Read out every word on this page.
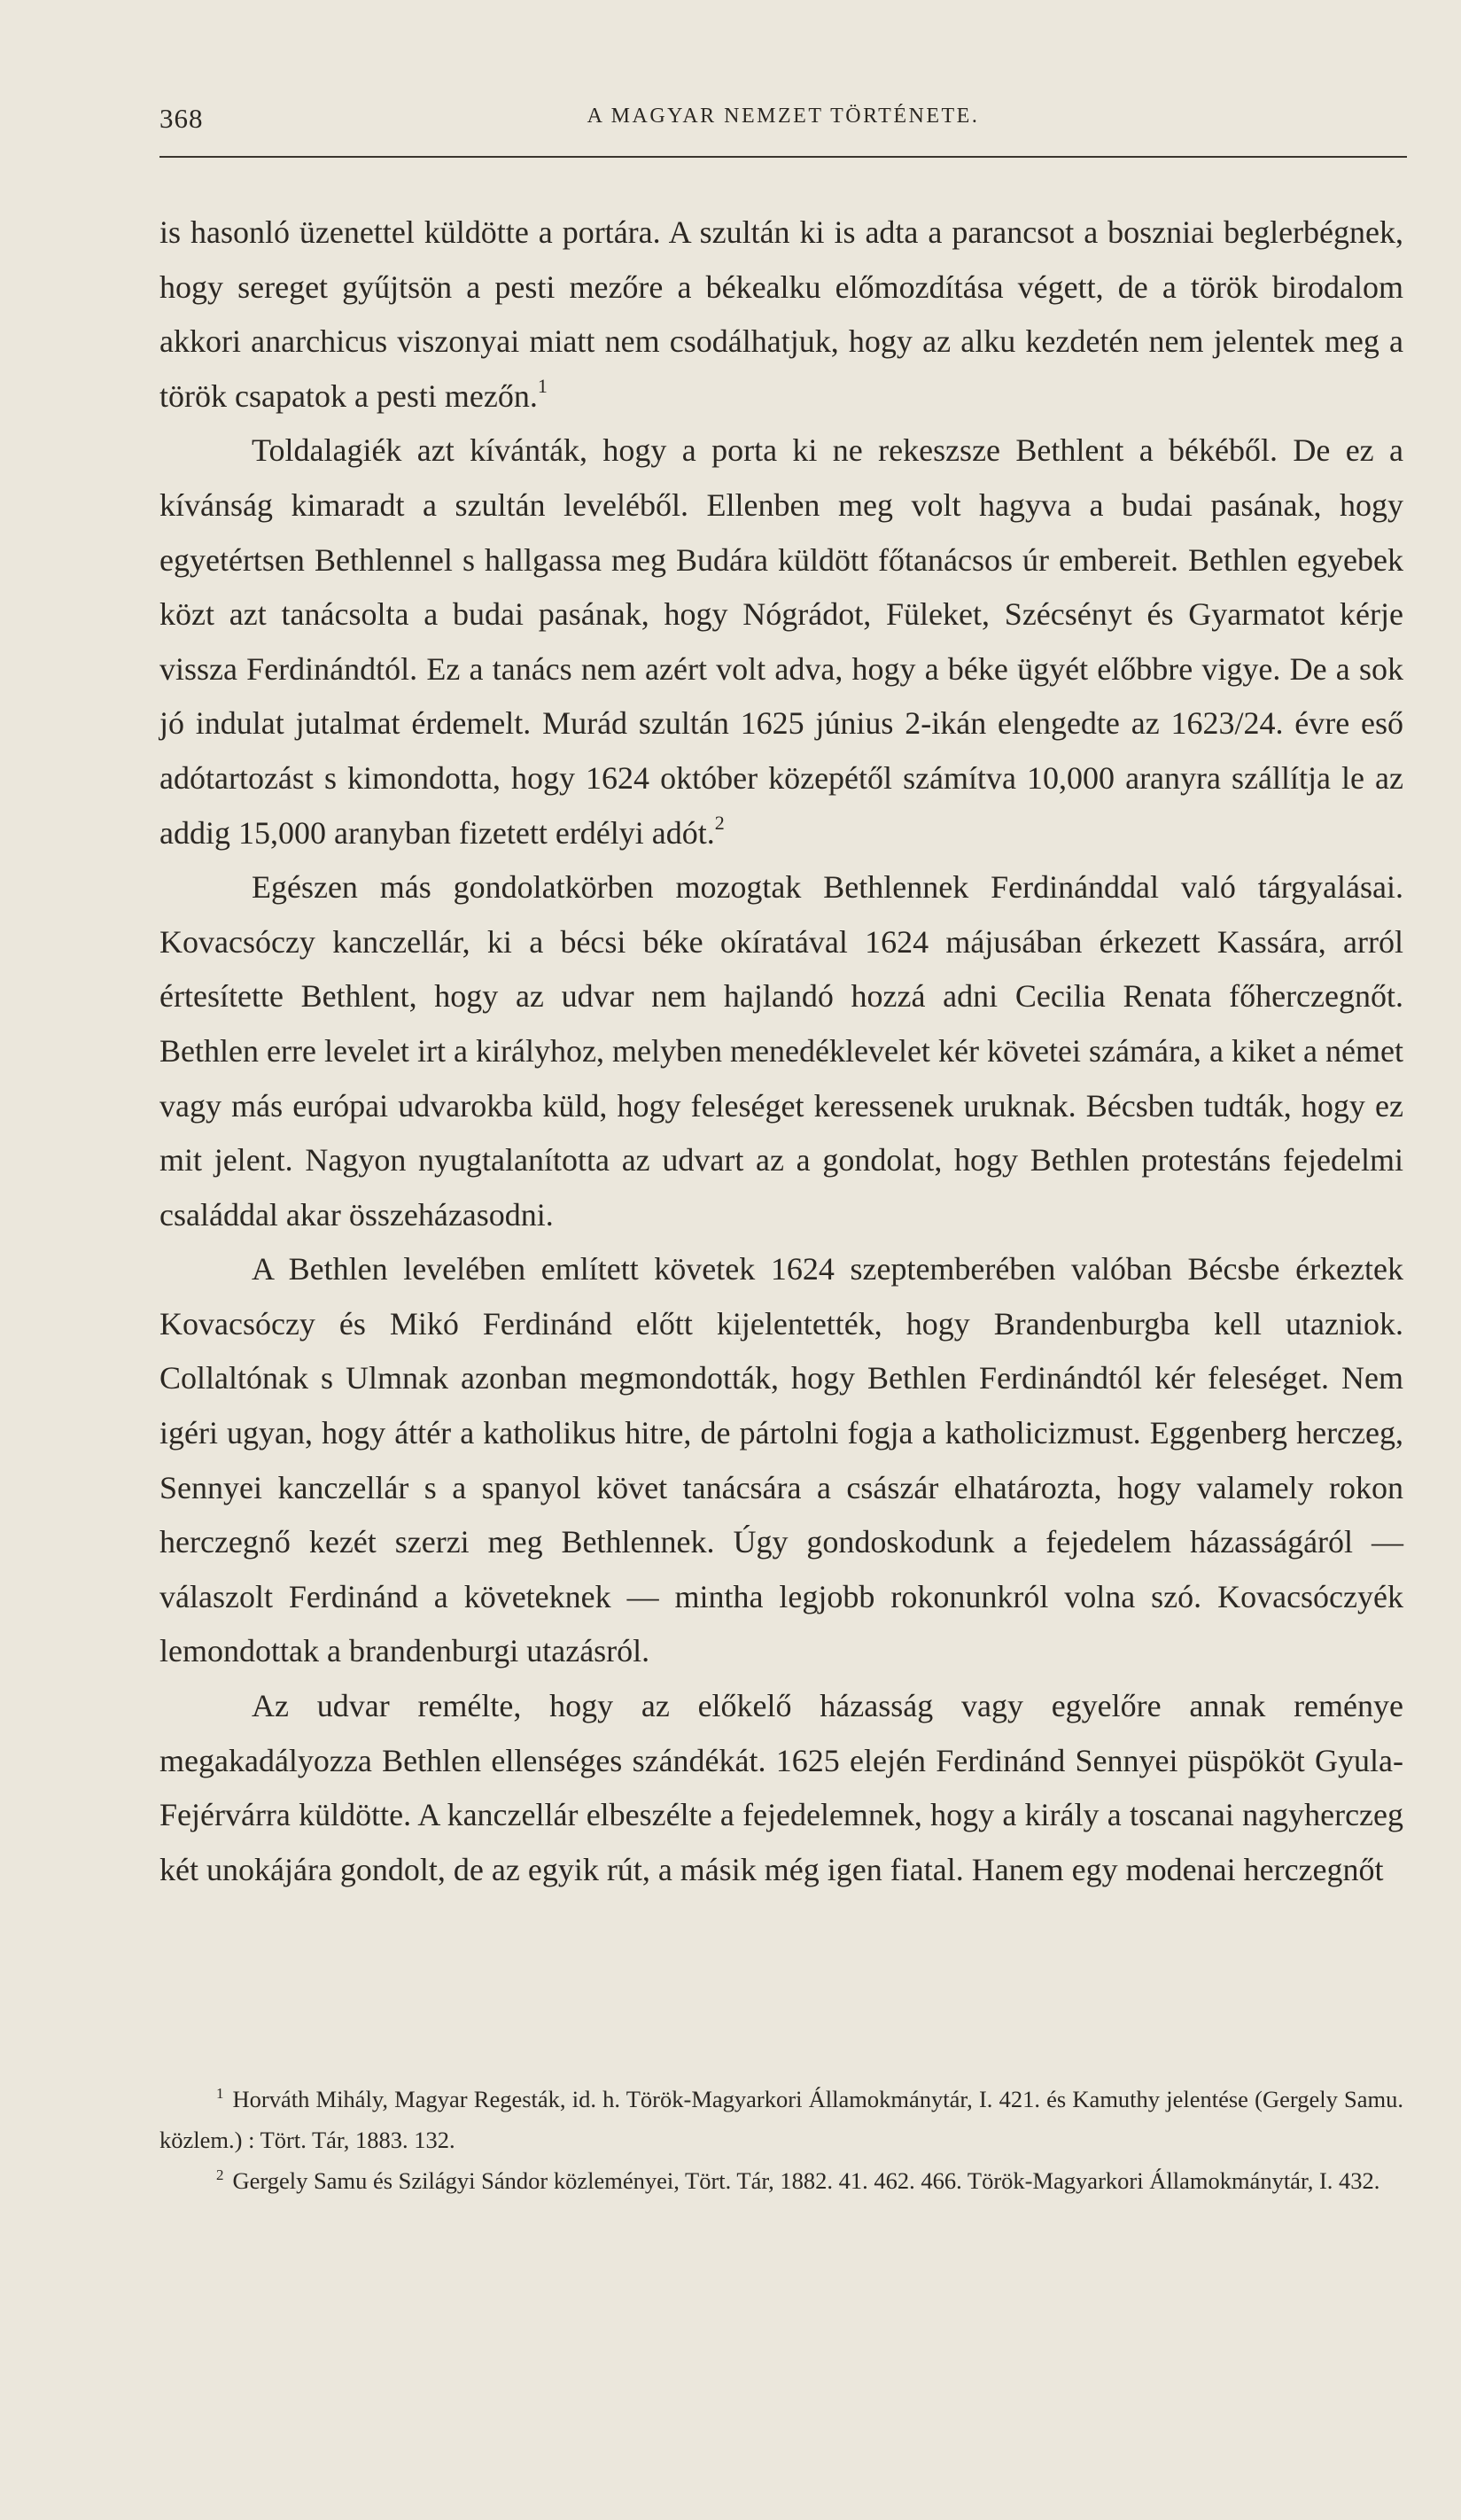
368	A MAGYAR NEMZET TÖRTÉNETE.

is hasonló üzenettel küldötte a portára. A szultán ki is adta a parancsot a bosznіai beglerbégnek, hogy sereget gyűjtsön a pesti mezőre a békealku előmozdítása végett, de a török birodalom akkori anarchicus viszonyai miatt nem csodálhatjuk, hogy az alku kezdetén nem jelentek meg a török csapatok a pesti mezőn.$^1$

Toldalagiék azt kívánták, hogy a porta ki ne rekeszsze Bethlent a békéből. De ez a kívánság kimaradt a szultán leveléből. Ellenben meg volt hagyva a budai pasának, hogy egyetértsen Bethlennel s hallgassa meg Budára küldött főtanácsos úr embereit. Bethlen egyebek közt azt tanácsolta a budai pasának, hogy Nógrádot, Füleket, Szécsényt és Gyarmatot kérje vissza Ferdinándtól. Ez a tanács nem azért volt adva, hogy a béke ügyét előbbre vigye. De a sok jó indulat jutalmat érdemelt. Murád szultán 1625 június 2-ikán elengedte az 1623/24. évre eső adótartozást s kimondotta, hogy 1624 október közepétől számítva 10,000 aranyra szállítja le az addig 15,000 aranyban fizetett erdélyi adót.$^2$

Egészen más gondolatkörben mozogtak Bethlennek Ferdinánddal való tárgyalásai. Kovacsóczy kanczellár, ki a bécsi béke okíratával 1624 májusában érkezett Kassára, arról értesítette Bethlent, hogy az udvar nem hajlandó hozzá adni Cecilia Renata főherczegnőt. Bethlen erre levelet irt a királyhoz, melyben menedéklevelet kér követei számára, a kiket a német vagy más európai udvarokba küld, hogy feleséget keressenek uruknak. Bécsben tudták, hogy ez mit jelent. Nagyon nyugtalanította az udvart az a gondolat, hogy Bethlen protestáns fejedelmi családdal akar összeházasodni.

A Bethlen levelében említett követek 1624 szeptemberében valóban Bécsbe érkeztek Kovacsóczy és Mikó Ferdinánd előtt kijelentették, hogy Brandenburgba kell utazniok. Collaltónak s Ulmnak azonban megmondották, hogy Bethlen Ferdinándtól kér feleséget. Nem igéri ugyan, hogy áttér a katholikus hitre, de pártolni fogja a katholicizmust. Eggenberg herczeg, Sennyei kanczellár s a spanyol követ tanácsára a császár elhatározta, hogy valamely rokon herczegnő kezét szerzi meg Bethlennek. Úgy gondoskodunk a fejedelem házasságáról — válaszolt Ferdinánd a követeknek — mintha legjobb rokonunkról volna szó. Kovacsóczyék lemondottak a brandenburgi utazásról.

Az udvar remélte, hogy az előkelő házasság vagy egyelőre annak reménye megakadályozza Bethlen ellenséges szándékát. 1625 elején Ferdinánd Sennyei püspököt Gyula-Fejérvárra küldötte. A kanczellár elbeszélte a fejedelemnek, hogy a király a toscanai nagyherczeg két unokájára gondolt, de az egyik rút, a másik még igen fiatal. Hanem egy modenai herczegnőt

$^1$ Horváth Mihály, Magyar Regesták, id. h. Török-Magyarkori Államokmánytár, I. 421. és Kamuthy jelentése (Gergely Samu. közlem.) : Tört. Tár, 1883. 132.

$^2$ Gergely Samu és Szilágyi Sándor közleményei, Tört. Tár, 1882. 41. 462. 466. Török-Magyarkori Államokmánytár, I. 432.
